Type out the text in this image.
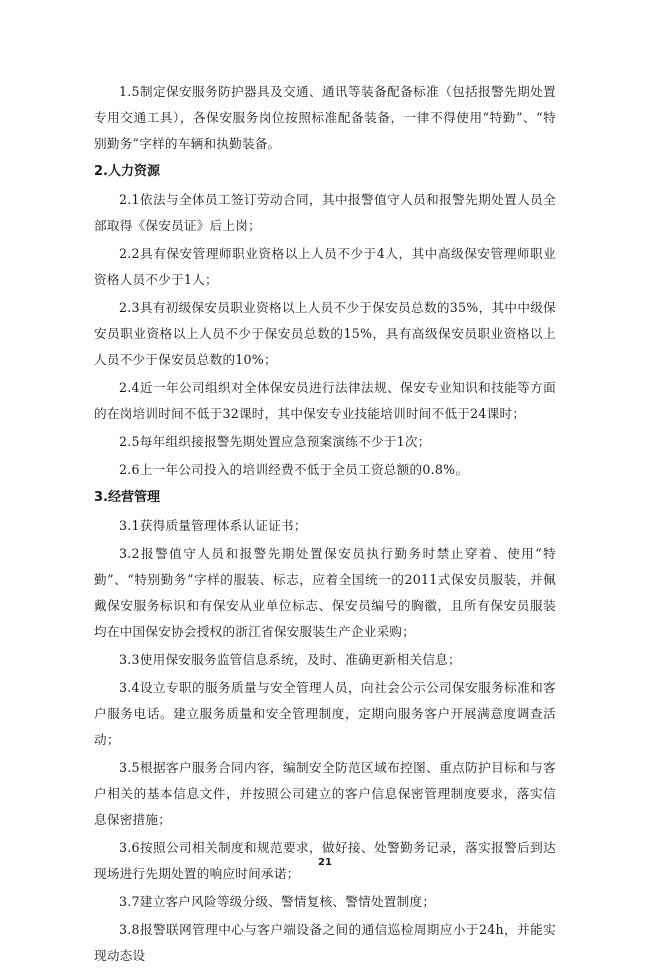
1.5制定保安服务防护器具及交通、通讯等装备配备标准（包括报警先期处置专用交通工具），各保安服务岗位按照标准配备装备，一律不得使用“特勤”、“特别勤务”字样的车辆和执勤装备。

2.人力资源

2.1依法与全体员工签订劳动合同，其中报警值守人员和报警先期处置人员全部取得《保安员证》后上岗；

2.2具有保安管理师职业资格以上人员不少于4人，其中高级保安管理师职业资格人员不少于1人；

2.3具有初级保安员职业资格以上人员不少于保安员总数的35%，其中中级保安员职业资格以上人员不少于保安员总数的15%，具有高级保安员职业资格以上人员不少于保安员总数的10%；

2.4近一年公司组织对全体保安员进行法律法规、保安专业知识和技能等方面的在岗培训时间不低于32课时，其中保安专业技能培训时间不低于24课时；

2.5每年组织接报警先期处置应急预案演练不少于1次；

2.6上一年公司投入的培训经费不低于全员工资总额的0.8%。

3.经营管理

3.1获得质量管理体系认证证书；

3.2报警值守人员和报警先期处置保安员执行勤务时禁止穿着、使用“特勤”、“特别勤务”字样的服装、标志，应着全国统一的2011式保安员服装，并佩戴保安服务标识和有保安从业单位标志、保安员编号的胸徽，且所有保安员服装均在中国保安协会授权的浙江省保安服装生产企业采购；

3.3使用保安服务监管信息系统，及时、准确更新相关信息；

3.4设立专职的服务质量与安全管理人员，向社会公示公司保安服务标准和客户服务电话。建立服务质量和安全管理制度，定期向服务客户开展满意度调查活动；

3.5根据客户服务合同内容，编制安全防范区域布控图、重点防护目标和与客户相关的基本信息文件，并按照公司建立的客户信息保密管理制度要求，落实信息保密措施；

3.6按照公司相关制度和规范要求，做好接、处警勤务记录，落实报警后到达现场进行先期处置的响应时间承诺；

3.7建立客户风险等级分级、警情复核、警情处置制度；

3.8报警联网管理中心与客户端设备之间的通信巡检周期应小于24h，并能实现动态设

21
